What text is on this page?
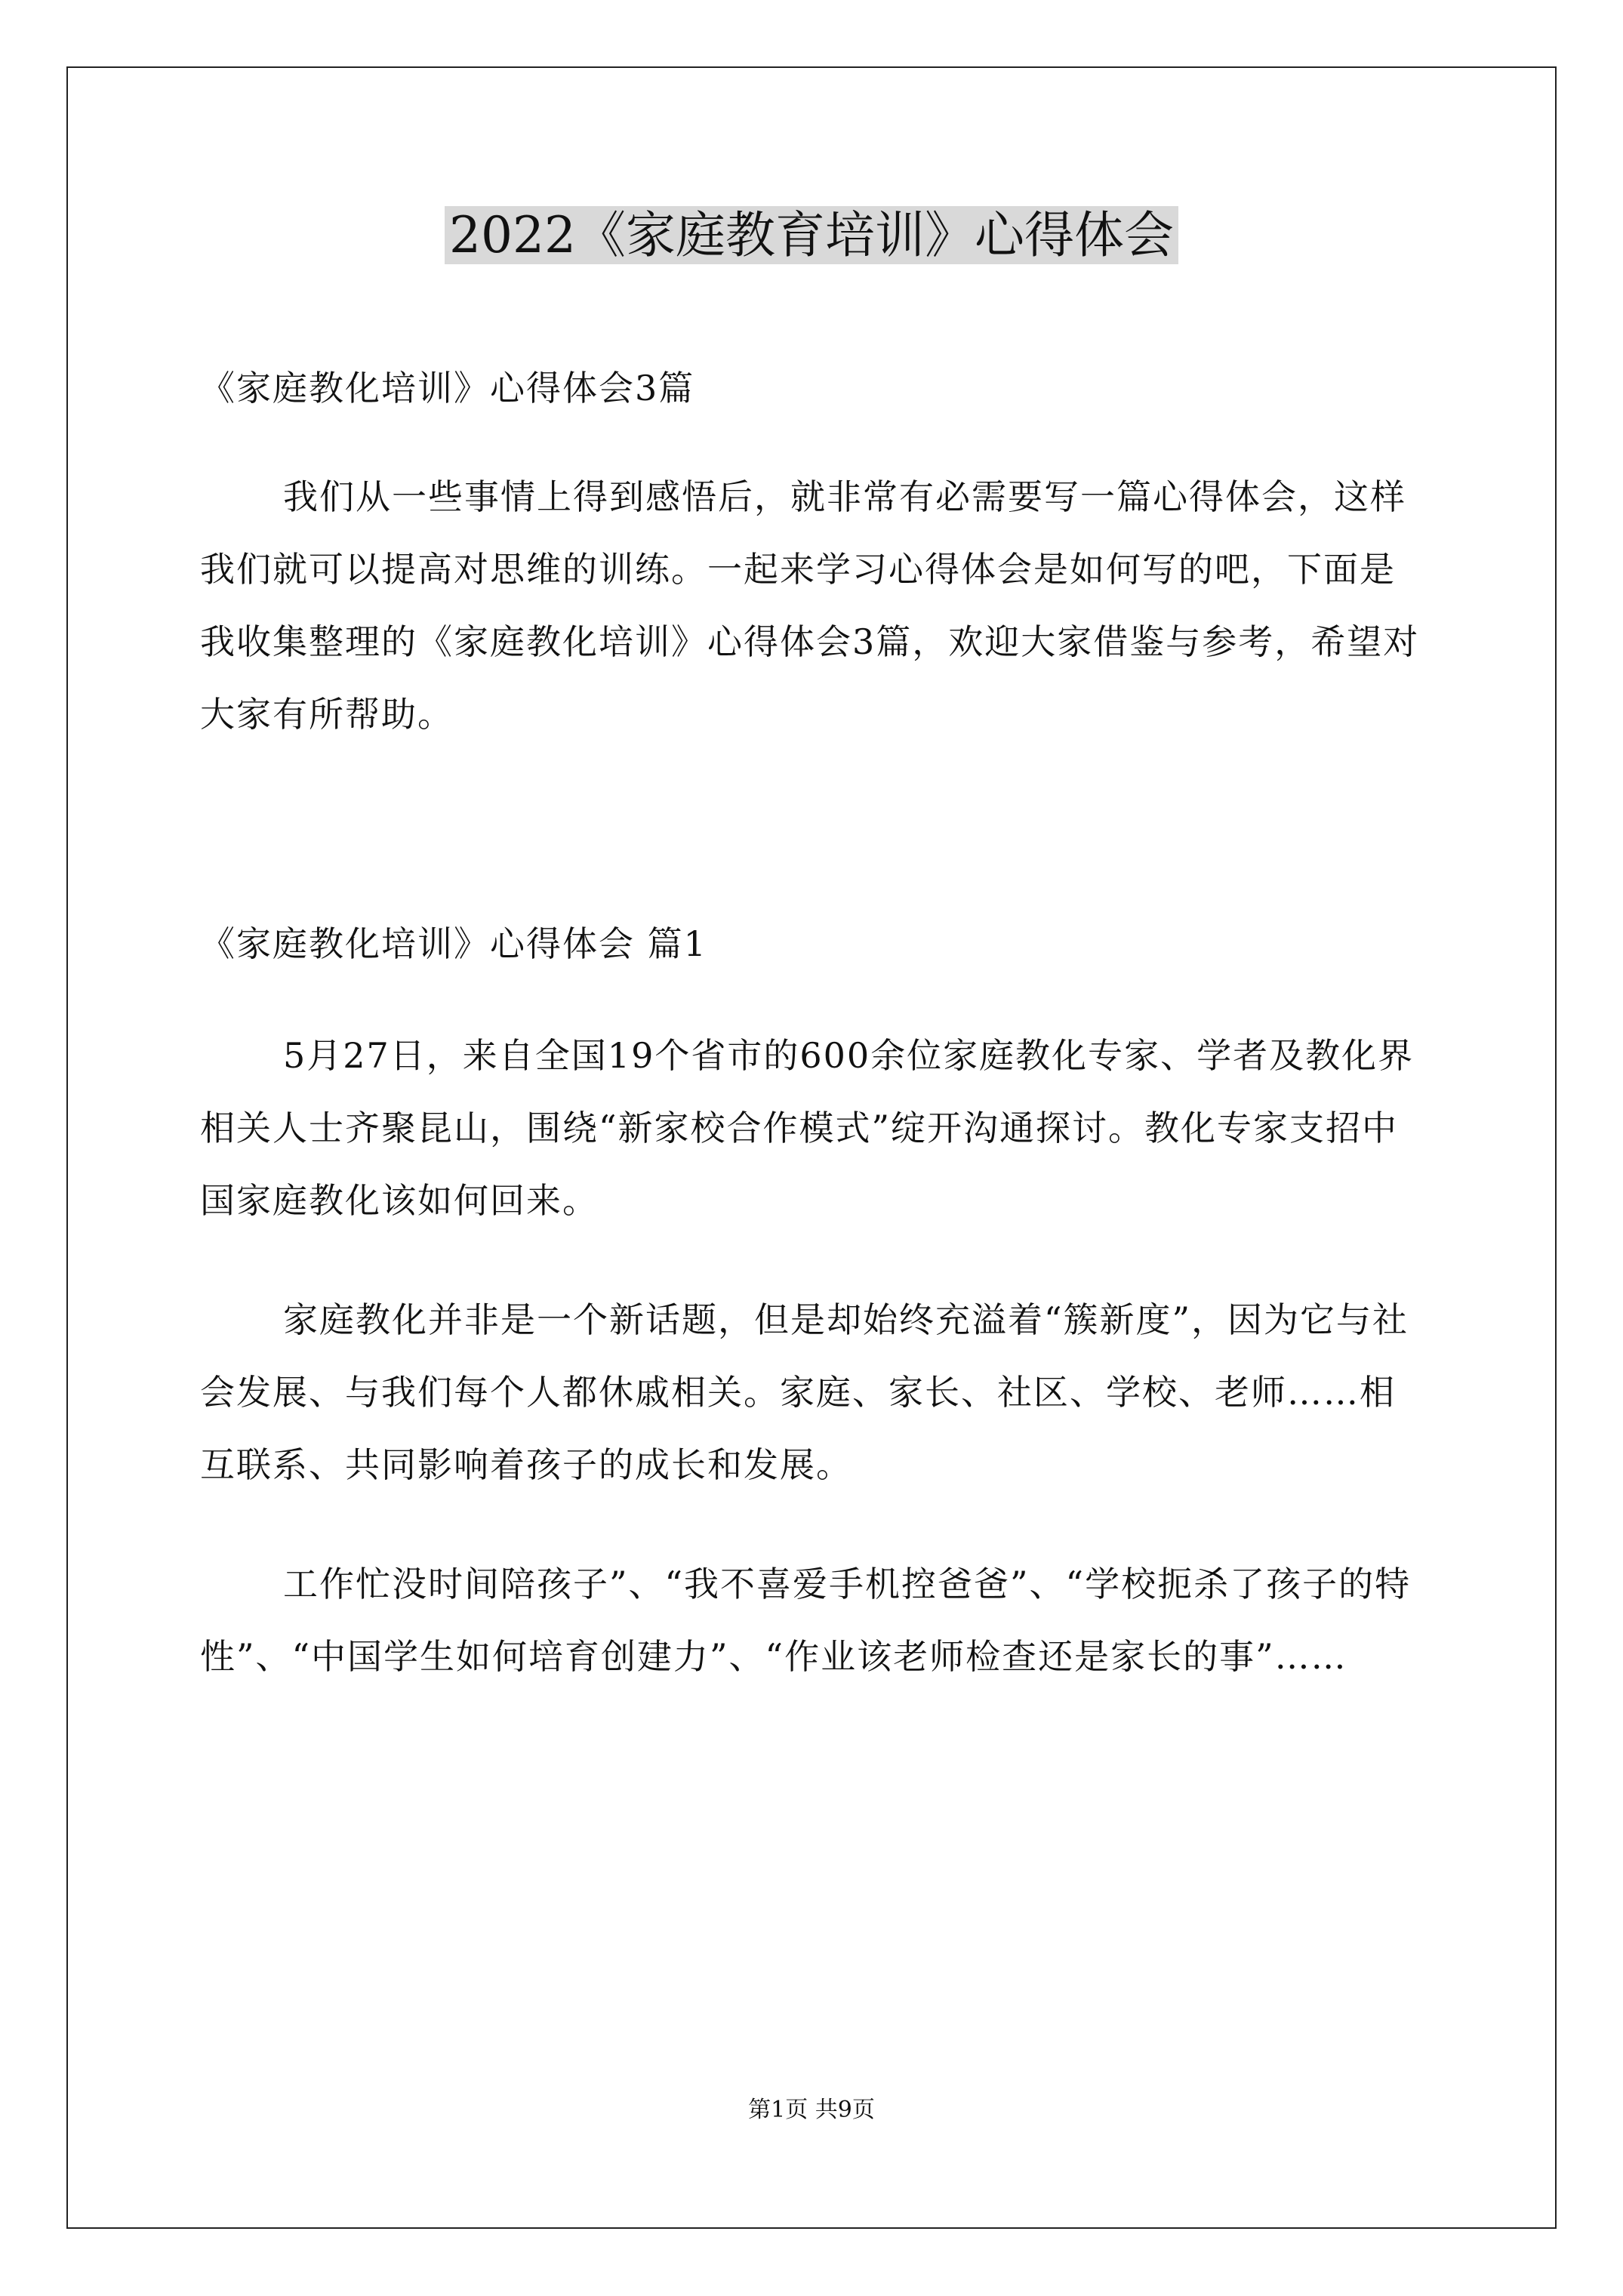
2022《家庭教育培训》心得体会
《家庭教化培训》心得体会3篇
我们从一些事情上得到感悟后，就非常有必需要写一篇心得体会，这样我们就可以提高对思维的训练。一起来学习心得体会是如何写的吧，下面是我收集整理的《家庭教化培训》心得体会3篇，欢迎大家借鉴与参考，希望对大家有所帮助。
《家庭教化培训》心得体会 篇1
5月27日，来自全国19个省市的600余位家庭教化专家、学者及教化界相关人士齐聚昆山，围绕“新家校合作模式”绽开沟通探讨。教化专家支招中国家庭教化该如何回来。
家庭教化并非是一个新话题，但是却始终充溢着“簇新度”，因为它与社会发展、与我们每个人都休戚相关。家庭、家长、社区、学校、老师……相互联系、共同影响着孩子的成长和发展。
工作忙没时间陪孩子”、“我不喜爱手机控爸爸”、“学校扼杀了孩子的特性”、“中国学生如何培育创建力”、“作业该老师检查还是家长的事”……
第1页 共9页
